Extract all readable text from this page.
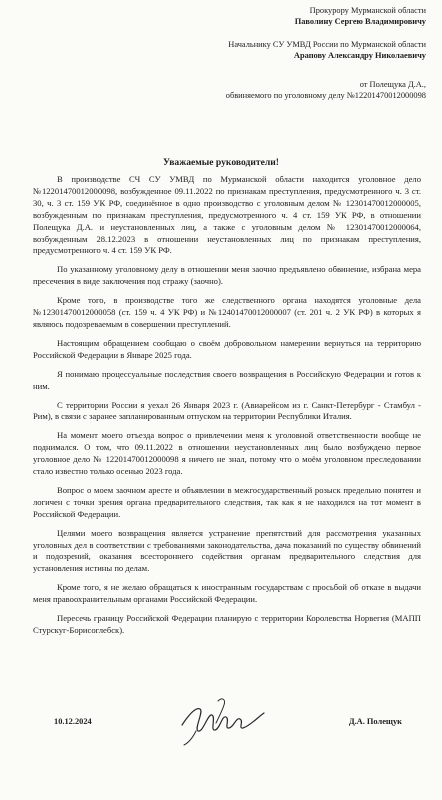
Прокурору Мурманской области
Паволину Сергею Владимировичу
Начальнику СУ УМВД России по Мурманской области
Арапову Александру Николаевичу
от Полещука Д.А.,
обвиняемого по уголовному делу №12201470012000098
Уважаемые руководители!

В производстве СЧ СУ УМВД по Мурманской области находится уголовное дело №12201470012000098, возбужденное 09.11.2022 по признакам преступления, предусмотренного ч. 3 ст. 30, ч. 3 ст. 159 УК РФ, соединённое в одно производство с уголовным делом № 12301470012000005, возбужденным по признакам преступления, предусмотренного ч. 4 ст. 159 УК РФ, в отношении Полещука Д.А. и неустановленных лиц, а также с уголовным делом № 12301470012000064, возбужденным 28.12.2023 в отношении неустановленных лиц по признакам преступления, предусмотренного ч. 4 ст. 159 УК РФ.

По указанному уголовному делу в отношении меня заочно предъявлено обвинение, избрана мера пресечения в виде заключения под стражу (заочно).

Кроме того, в производстве того же следственного органа находятся уголовные дела №12301470012000058 (ст. 159 ч. 4 УК РФ) и №12401470012000007 (ст. 201 ч. 2 УК РФ) в которых я являюсь подозреваемым в совершении преступлений.

Настоящим обращением сообщаю о своём добровольном намерении вернуться на территорию Российской Федерации в Январе 2025 года.

Я понимаю процессуальные последствия своего возвращения в Российскую Федерации и готов к ним.

С территории России я уехал 26 Января 2023 г. (Авиарейсом из г. Санкт-Петербург - Стамбул - Рим), в связи с заранее запланированным отпуском на территории Республики Италия.

На момент моего отъезда вопрос о привлечении меня к уголовной ответственности вообще не поднимался. О том, что 09.11.2022 в отношении неустановленных лиц было возбуждено первое уголовное дело № 12201470012000098 я ничего не знал, потому что о моём уголовном преследовании стало известно только осенью 2023 года.

Вопрос о моем заочном аресте и объявлении в межгосударственный розыск предельно понятен и логичен с точки зрения органа предварительного следствия, так как я не находился на тот момент в Российской Федерации.

Целями моего возвращения является устранение препятствий для рассмотрения указанных уголовных дел в соответствии с требованиями законодательства, дача показаний по существу обвинений и подозрений, оказания всестороннего содействия органам предварительного следствия для установления истины по делам.

Кроме того, я не желаю обращаться к иностранным государствам с просьбой об отказе в выдачи меня правоохранительным органами Российской Федерации.

Пересечь границу Российской Федерации планирую с территории Королевства Норвегия (МАПП Стурскуг-Борисоглебск).

10.12.2024	Д.А. Полещук
